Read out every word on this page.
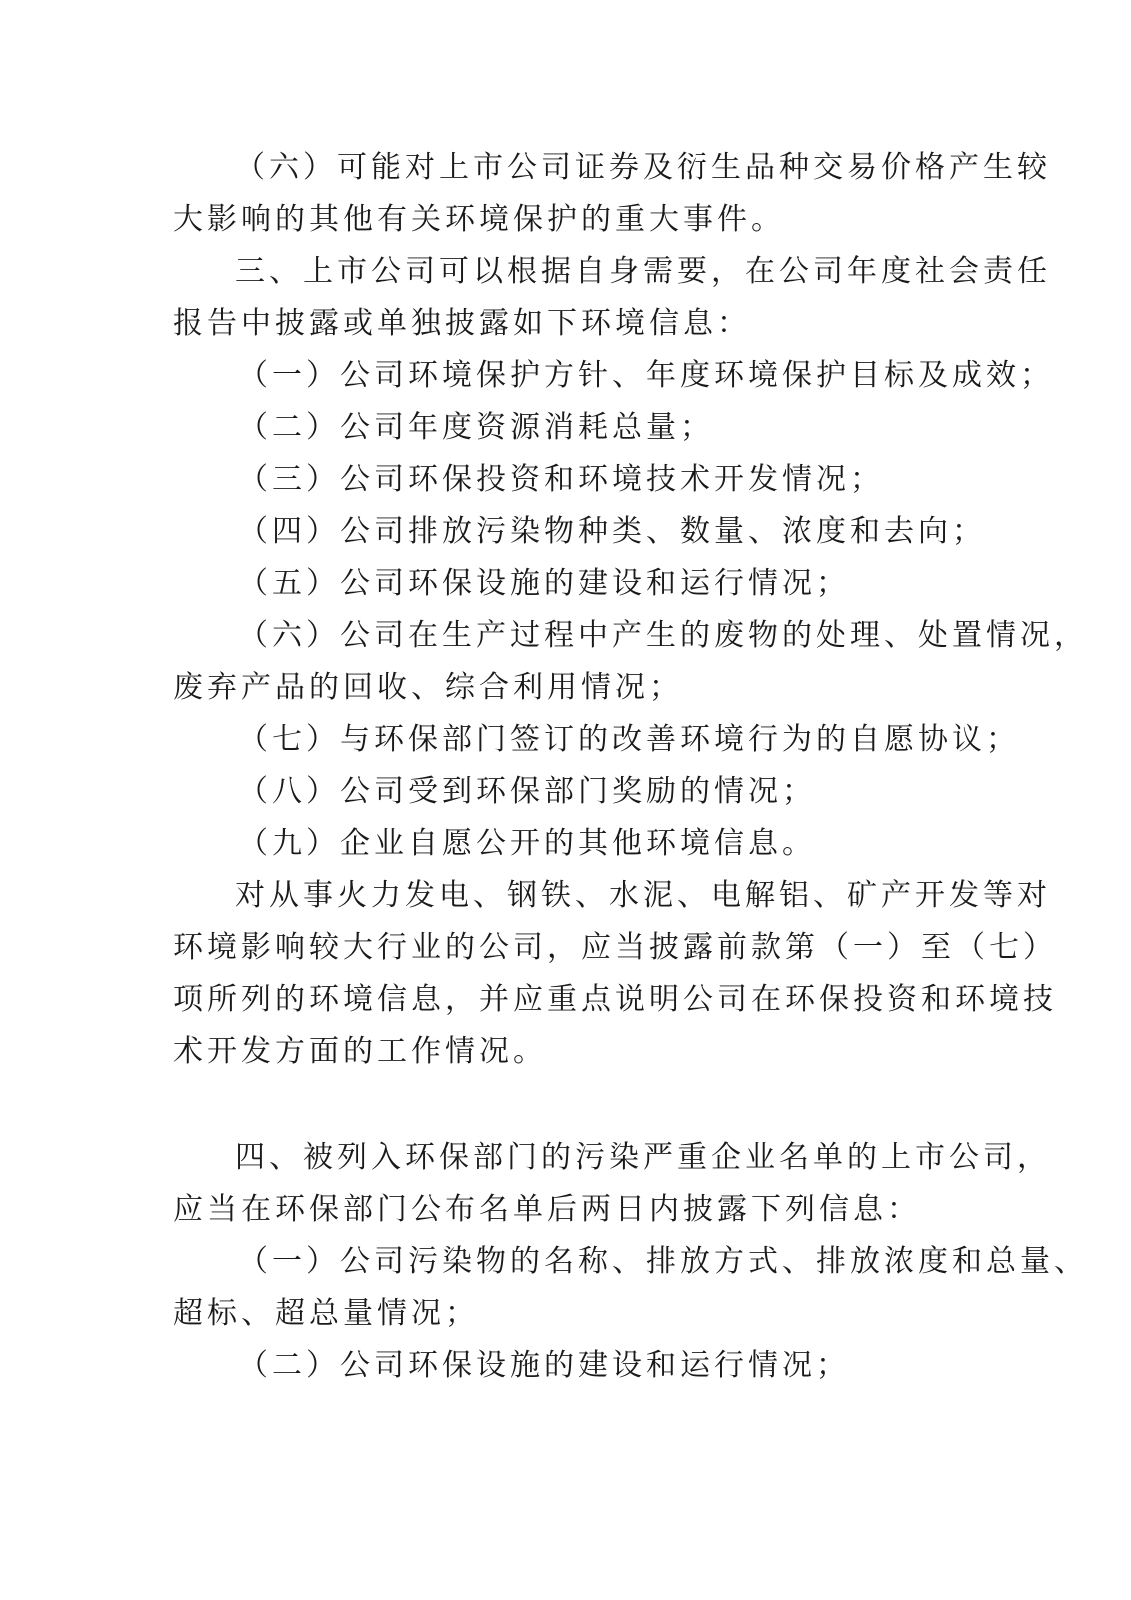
（六）可能对上市公司证券及衍生品种交易价格产生较

大影响的其他有关环境保护的重大事件。

三、上市公司可以根据自身需要，在公司年度社会责任

报告中披露或单独披露如下环境信息：

（一）公司环境保护方针、年度环境保护目标及成效；

（二）公司年度资源消耗总量；

（三）公司环保投资和环境技术开发情况；

（四）公司排放污染物种类、数量、浓度和去向；

（五）公司环保设施的建设和运行情况；

（六）公司在生产过程中产生的废物的处理、处置情况，

废弃产品的回收、综合利用情况；

（七）与环保部门签订的改善环境行为的自愿协议；

（八）公司受到环保部门奖励的情况；

（九）企业自愿公开的其他环境信息。

对从事火力发电、钢铁、水泥、电解铝、矿产开发等对

环境影响较大行业的公司，应当披露前款第（一）至（七）

项所列的环境信息，并应重点说明公司在环保投资和环境技

术开发方面的工作情况。

四、被列入环保部门的污染严重企业名单的上市公司，

应当在环保部门公布名单后两日内披露下列信息：

（一）公司污染物的名称、排放方式、排放浓度和总量、

超标、超总量情况；

（二）公司环保设施的建设和运行情况；
